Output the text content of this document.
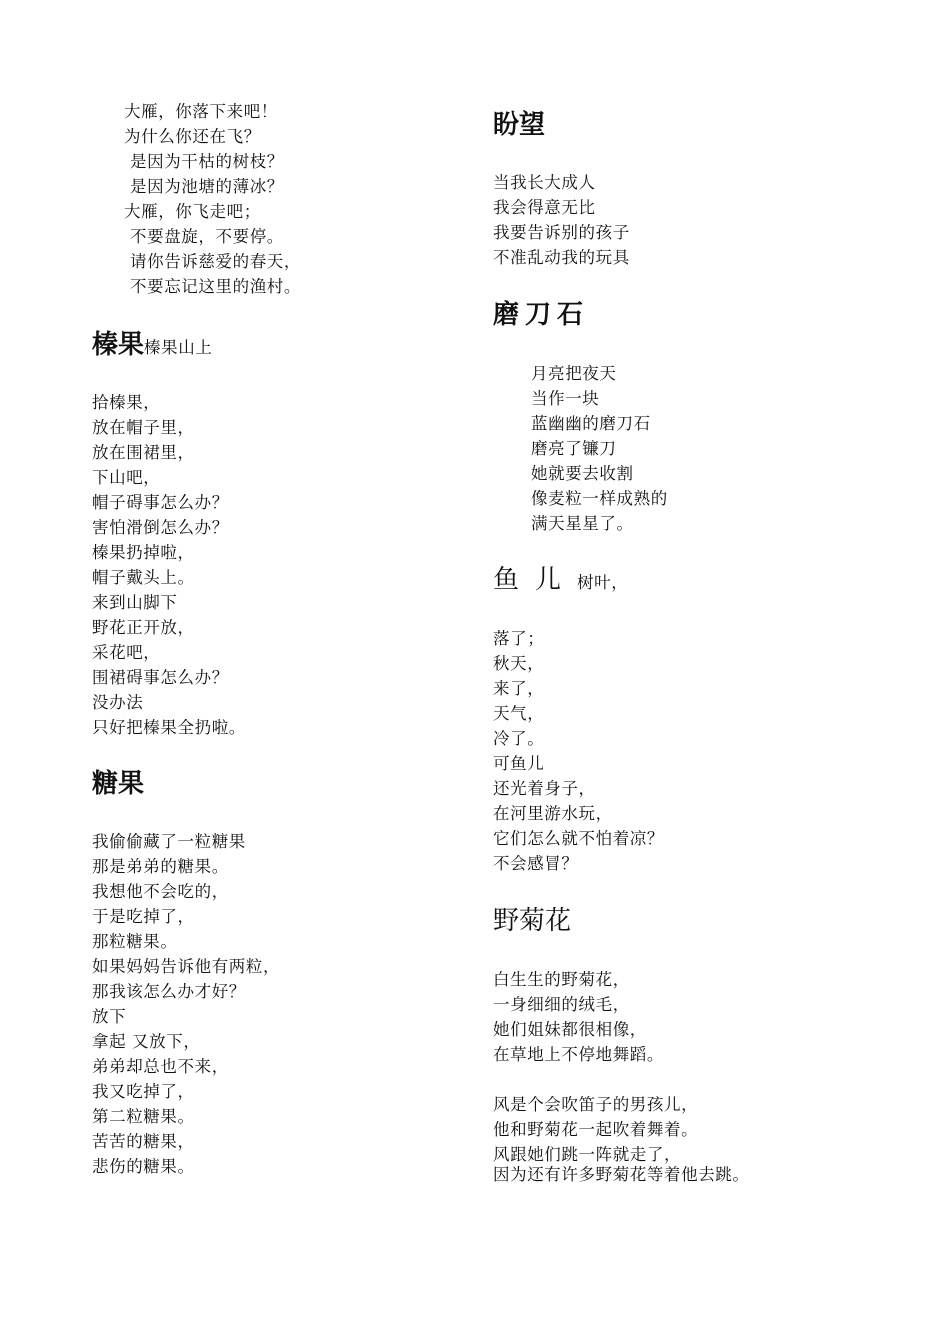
大雁，你落下来吧！
为什么你还在飞？
是因为干枯的树枝？
是因为池塘的薄冰？
大雁，你飞走吧；
不要盘旋，不要停。
请你告诉慈爱的春天，
不要忘记这里的渔村。
榛果榛果山上
拾榛果，
放在帽子里，
放在围裙里，
下山吧，
帽子碍事怎么办？
害怕滑倒怎么办？
榛果扔掉啦，
帽子戴头上。
来到山脚下
野花正开放，
采花吧，
围裙碍事怎么办？
没办法
只好把榛果全扔啦。
糖果
我偷偷藏了一粒糖果
那是弟弟的糖果。
我想他不会吃的，
于是吃掉了，
那粒糖果。
如果妈妈告诉他有两粒，
那我该怎么办才好？
放下
拿起 又放下，
弟弟却总也不来，
我又吃掉了，
第二粒糖果。
苦苦的糖果，
悲伤的糖果。
盼望
当我长大成人
我会得意无比
我要告诉别的孩子
不准乱动我的玩具
磨刀石
月亮把夜天
当作一块
蓝幽幽的磨刀石
磨亮了镰刀
她就要去收割
像麦粒一样成熟的
满天星星了。
鱼儿树叶，
落了；
秋天，
来了，
天气，
冷了。
可鱼儿
还光着身子，
在河里游水玩，
它们怎么就不怕着凉？
不会感冒？
野菊花
白生生的野菊花，
一身细细的绒毛，
她们姐妹都很相像，
在草地上不停地舞蹈。
风是个会吹笛子的男孩儿，
他和野菊花一起吹着舞着。
风跟她们跳一阵就走了，
因为还有许多野菊花等着他去跳。
